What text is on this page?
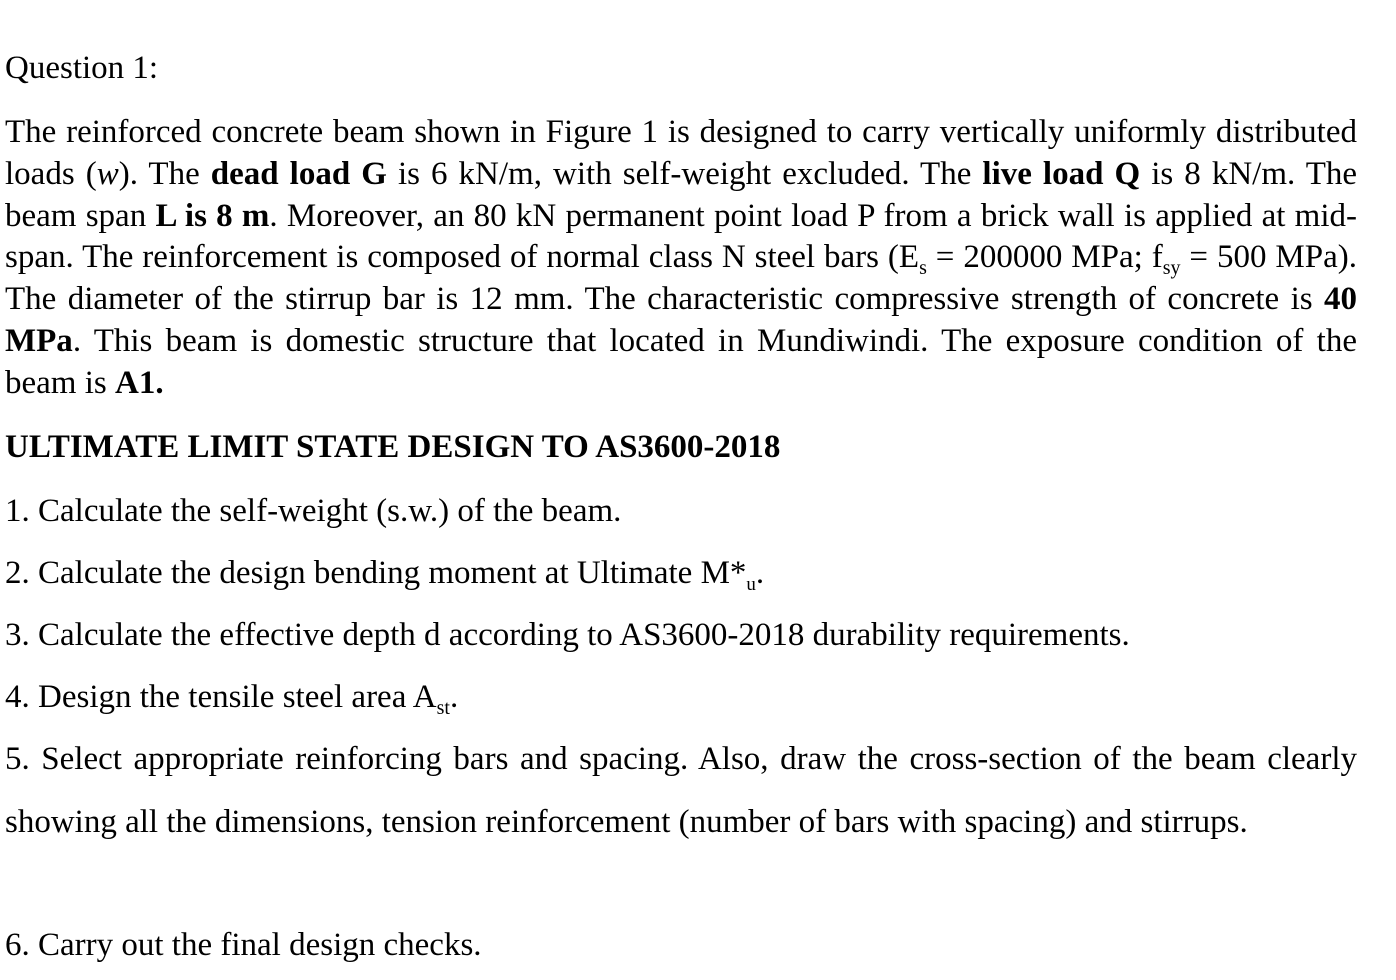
Question 1:

The reinforced concrete beam shown in Figure 1 is designed to carry vertically uniformly distributed loads (w). The dead load G is 6 kN/m, with self-weight excluded. The live load Q is 8 kN/m. The beam span L is 8 m. Moreover, an 80 kN permanent point load P from a brick wall is applied at mid-span. The reinforcement is composed of normal class N steel bars ($E_s = 200000$ MPa; $f_{sy} = 500$ MPa). The diameter of the stirrup bar is 12 mm. The characteristic compressive strength of concrete is 40 MPa. This beam is domestic structure that located in Mundiwindi. The exposure condition of the beam is A1.

ULTIMATE LIMIT STATE DESIGN TO AS3600-2018

1. Calculate the self-weight (s.w.) of the beam.

2. Calculate the design bending moment at Ultimate $M*_u$.

3. Calculate the effective depth d according to AS3600-2018 durability requirements.

4. Design the tensile steel area $A_{st}$.

5. Select appropriate reinforcing bars and spacing. Also, draw the cross-section of the beam clearly showing all the dimensions, tension reinforcement (number of bars with spacing) and stirrups.

6. Carry out the final design checks.
